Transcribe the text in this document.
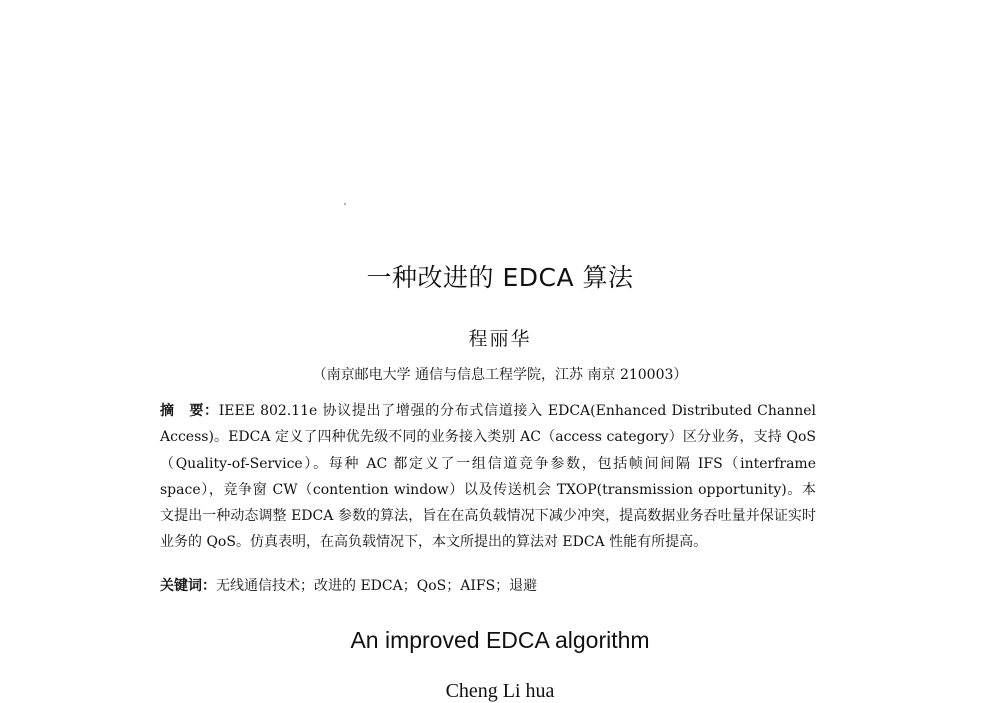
一种改进的 EDCA 算法
程丽华
（南京邮电大学 通信与信息工程学院，江苏 南京 210003）

摘　要：IEEE 802.11e 协议提出了增强的分布式信道接入 EDCA(Enhanced Distributed Channel Access)。EDCA 定义了四种优先级不同的业务接入类别 AC（access category）区分业务，支持 QoS（Quality-of-Service）。每种 AC 都定义了一组信道竞争参数，包括帧间间隔 IFS（interframe space），竞争窗 CW（contention window）以及传送机会 TXOP(transmission opportunity)。本文提出一种动态调整 EDCA 参数的算法，旨在在高负载情况下减少冲突，提高数据业务吞吐量并保证实时业务的 QoS。仿真表明，在高负载情况下，本文所提出的算法对 EDCA 性能有所提高。

关键词：无线通信技术；改进的 EDCA；QoS；AIFS；退避

An improved EDCA algorithm
Cheng Li hua
